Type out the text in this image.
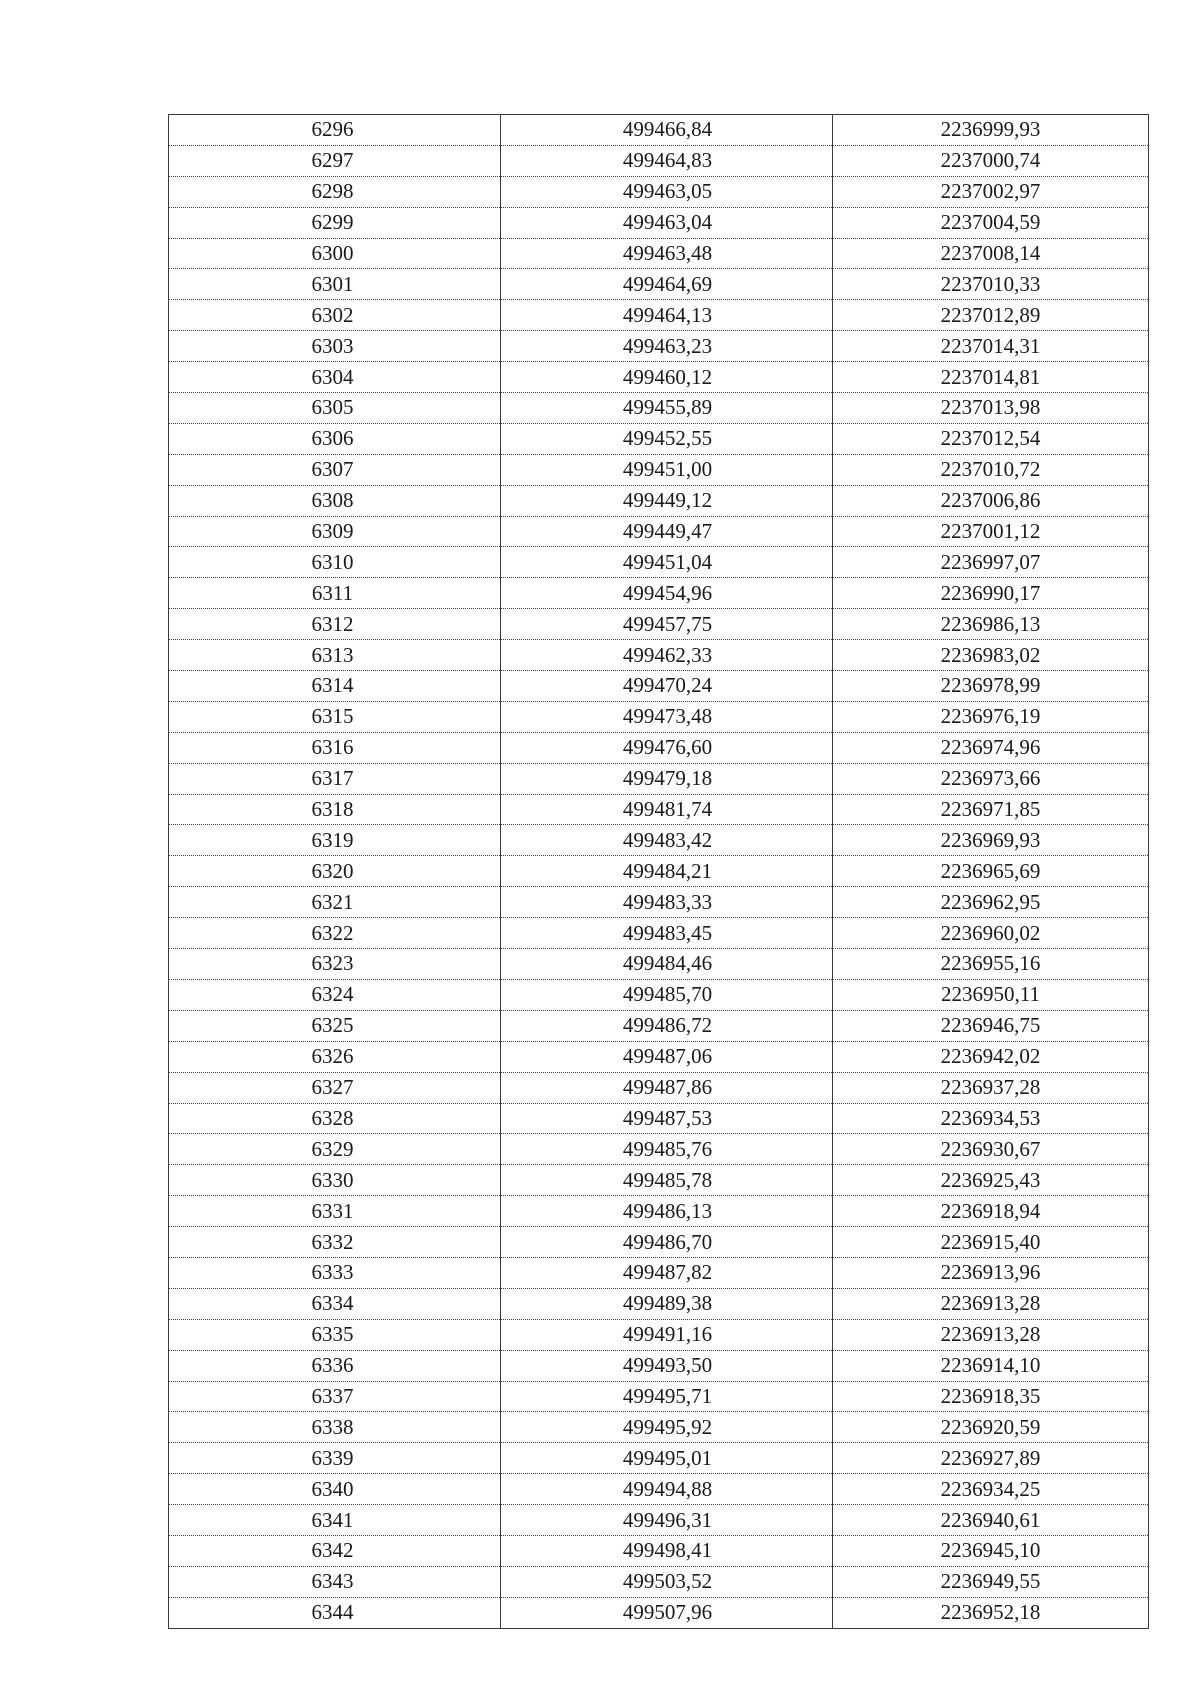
6296	499466,84	2236999,93
6297	499464,83	2237000,74
6298	499463,05	2237002,97
6299	499463,04	2237004,59
6300	499463,48	2237008,14
6301	499464,69	2237010,33
6302	499464,13	2237012,89
6303	499463,23	2237014,31
6304	499460,12	2237014,81
6305	499455,89	2237013,98
6306	499452,55	2237012,54
6307	499451,00	2237010,72
6308	499449,12	2237006,86
6309	499449,47	2237001,12
6310	499451,04	2236997,07
6311	499454,96	2236990,17
6312	499457,75	2236986,13
6313	499462,33	2236983,02
6314	499470,24	2236978,99
6315	499473,48	2236976,19
6316	499476,60	2236974,96
6317	499479,18	2236973,66
6318	499481,74	2236971,85
6319	499483,42	2236969,93
6320	499484,21	2236965,69
6321	499483,33	2236962,95
6322	499483,45	2236960,02
6323	499484,46	2236955,16
6324	499485,70	2236950,11
6325	499486,72	2236946,75
6326	499487,06	2236942,02
6327	499487,86	2236937,28
6328	499487,53	2236934,53
6329	499485,76	2236930,67
6330	499485,78	2236925,43
6331	499486,13	2236918,94
6332	499486,70	2236915,40
6333	499487,82	2236913,96
6334	499489,38	2236913,28
6335	499491,16	2236913,28
6336	499493,50	2236914,10
6337	499495,71	2236918,35
6338	499495,92	2236920,59
6339	499495,01	2236927,89
6340	499494,88	2236934,25
6341	499496,31	2236940,61
6342	499498,41	2236945,10
6343	499503,52	2236949,55
6344	499507,96	2236952,18
